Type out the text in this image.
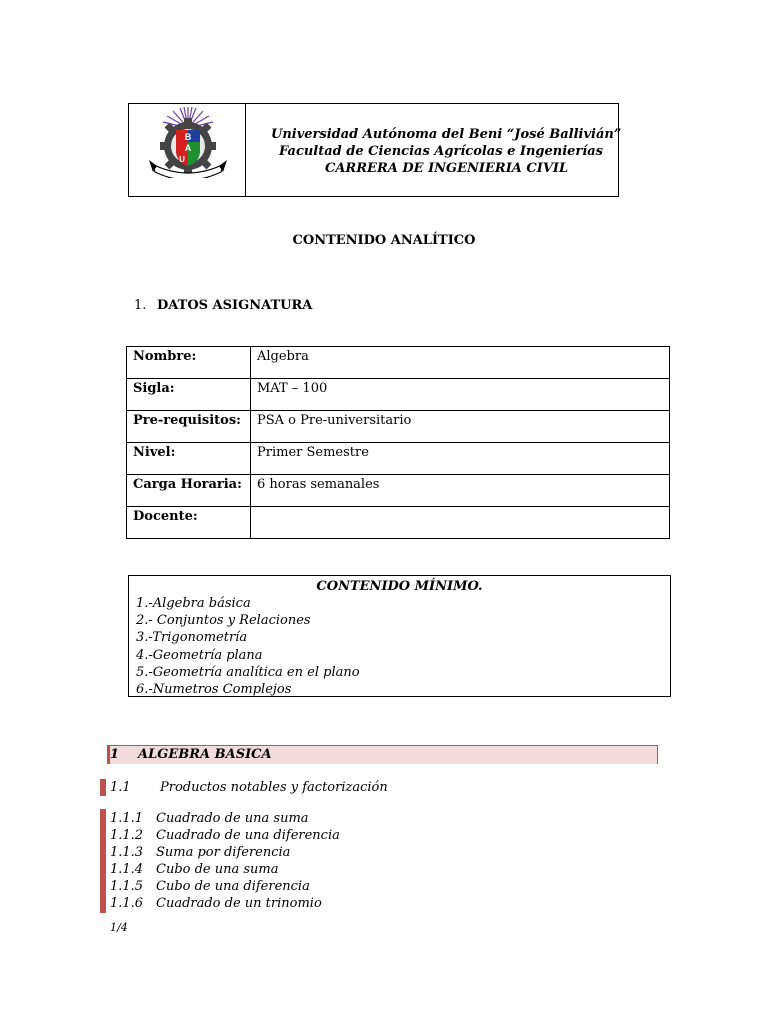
B
A
U
Universidad Autónoma del Beni “José Ballivián”
Facultad de Ciencias Agrícolas e Ingenierías
CARRERA DE INGENIERIA CIVIL
CONTENIDO ANALÍTICO
1. DATOS ASIGNATURA
Nombre:	Algebra
Sigla:	MAT – 100
Pre-requisitos:	PSA o Pre-universitario
Nivel:	Primer Semestre
Carga Horaria:	6 horas semanales
Docente:	
CONTENIDO MÍNIMO.
1.-Algebra básica
2.- Conjuntos y Relaciones
3.-Trigonometría
4.-Geometría plana
5.-Geometría analítica en el plano
6.-Numetros Complejos
1 ALGEBRA BASICA
1.1 Productos notables y factorización
1.1.1 Cuadrado de una suma
1.1.2 Cuadrado de una diferencia
1.1.3 Suma por diferencia
1.1.4 Cubo de una suma
1.1.5 Cubo de una diferencia
1.1.6 Cuadrado de un trinomio
1/4
